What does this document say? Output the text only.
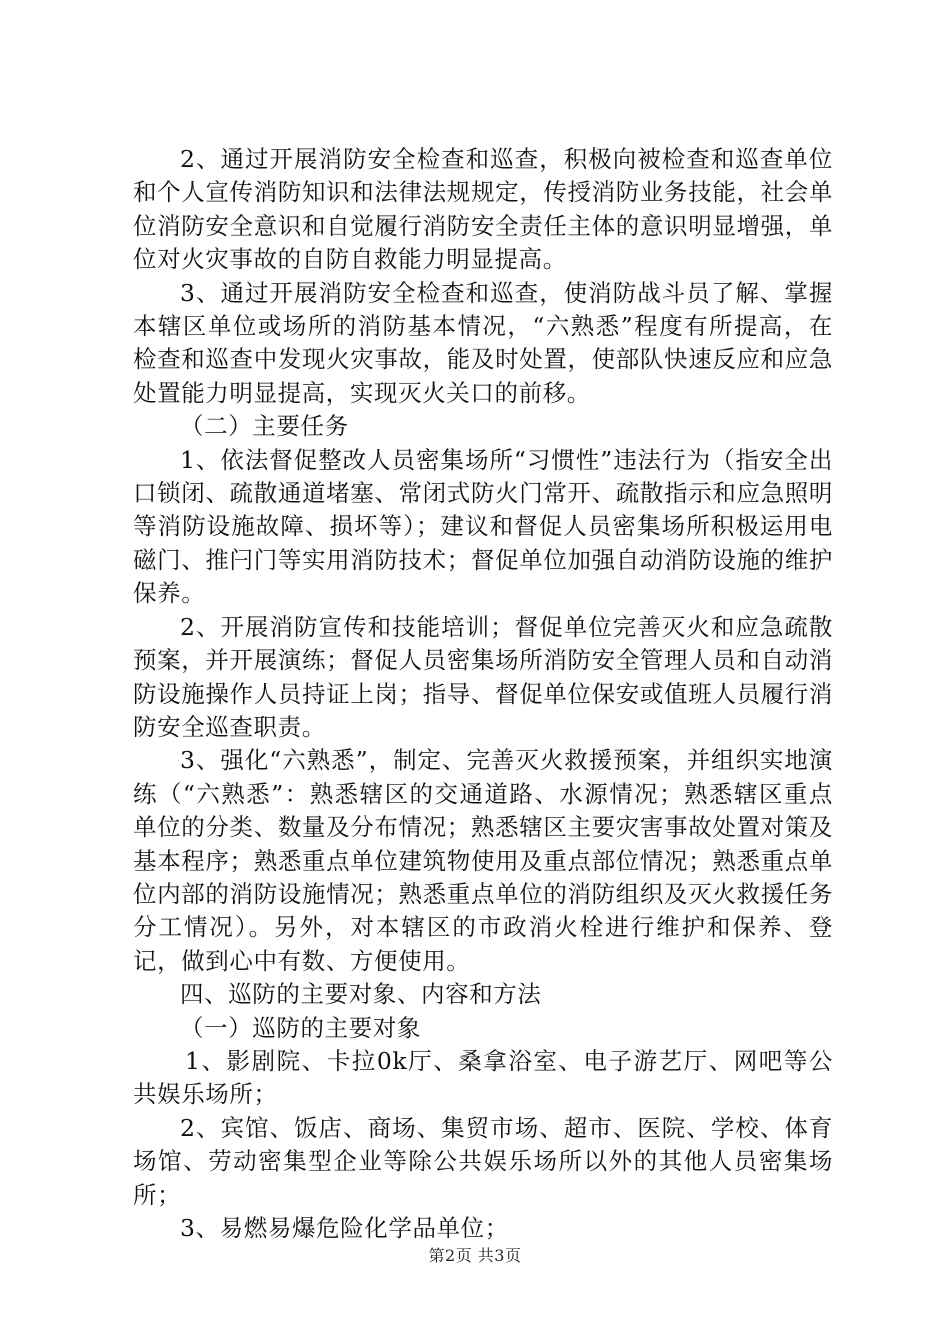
2、通过开展消防安全检查和巡查，积极向被检查和巡查单位和个人宣传消防知识和法律法规规定，传授消防业务技能，社会单位消防安全意识和自觉履行消防安全责任主体的意识明显增强，单位对火灾事故的自防自救能力明显提高。

3、通过开展消防安全检查和巡查，使消防战斗员了解、掌握本辖区单位或场所的消防基本情况，“六熟悉”程度有所提高，在检查和巡查中发现火灾事故，能及时处置，使部队快速反应和应急处置能力明显提高，实现灭火关口的前移。

（二）主要任务

1、依法督促整改人员密集场所“习惯性”违法行为（指安全出口锁闭、疏散通道堵塞、常闭式防火门常开、疏散指示和应急照明等消防设施故障、损坏等）；建议和督促人员密集场所积极运用电磁门、推闩门等实用消防技术；督促单位加强自动消防设施的维护保养。

2、开展消防宣传和技能培训；督促单位完善灭火和应急疏散预案，并开展演练；督促人员密集场所消防安全管理人员和自动消防设施操作人员持证上岗；指导、督促单位保安或值班人员履行消防安全巡查职责。

3、强化“六熟悉”，制定、完善灭火救援预案，并组织实地演练（“六熟悉”：熟悉辖区的交通道路、水源情况；熟悉辖区重点单位的分类、数量及分布情况；熟悉辖区主要灾害事故处置对策及基本程序；熟悉重点单位建筑物使用及重点部位情况；熟悉重点单位内部的消防设施情况；熟悉重点单位的消防组织及灭火救援任务分工情况）。另外，对本辖区的市政消火栓进行维护和保养、登记，做到心中有数、方便使用。

四、巡防的主要对象、内容和方法

（一）巡防的主要对象

1、影剧院、卡拉0k厅、桑拿浴室、电子游艺厅、网吧等公共娱乐场所；

2、宾馆、饭店、商场、集贸市场、超市、医院、学校、体育场馆、劳动密集型企业等除公共娱乐场所以外的其他人员密集场所；

3、易燃易爆危险化学品单位；

第2页 共3页
